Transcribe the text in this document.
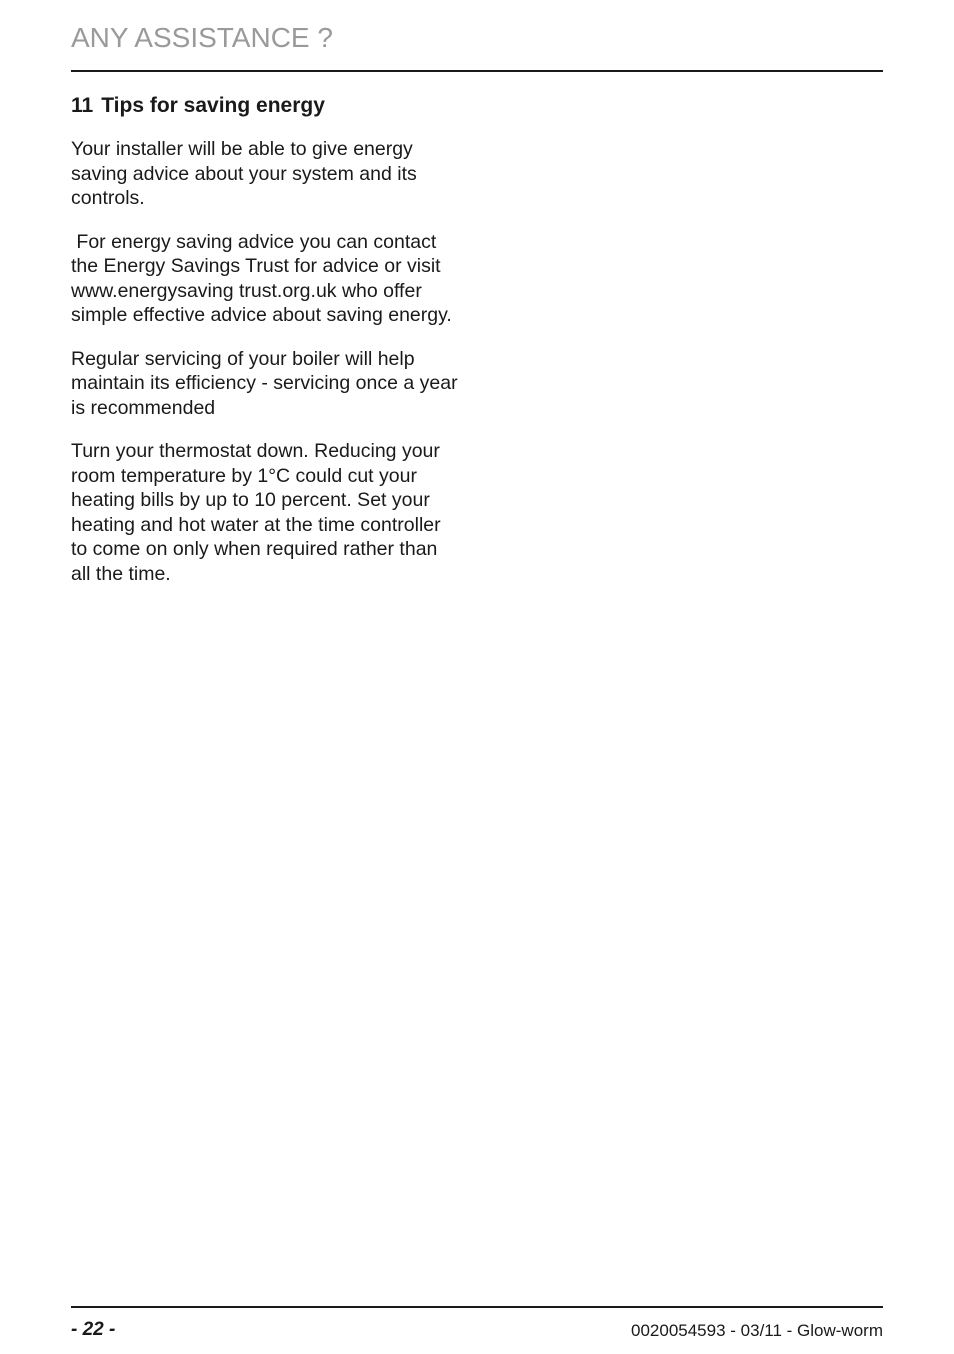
ANY ASSISTANCE ?
11 Tips for saving energy

Your installer will be able to give energy saving advice about your system and its controls.

For energy saving advice you can contact the Energy Savings Trust for advice or visit www.energysaving trust.org.uk who offer simple effective advice about saving energy.

Regular servicing of your boiler will help maintain its efficiency - servicing once a year is recommended

Turn your thermostat down. Reducing your room temperature by 1°C could cut your heating bills by up to 10 percent. Set your heating and hot water at the time controller to come on only when required rather than all the time.

- 22 -	0020054593 - 03/11 - Glow-worm
